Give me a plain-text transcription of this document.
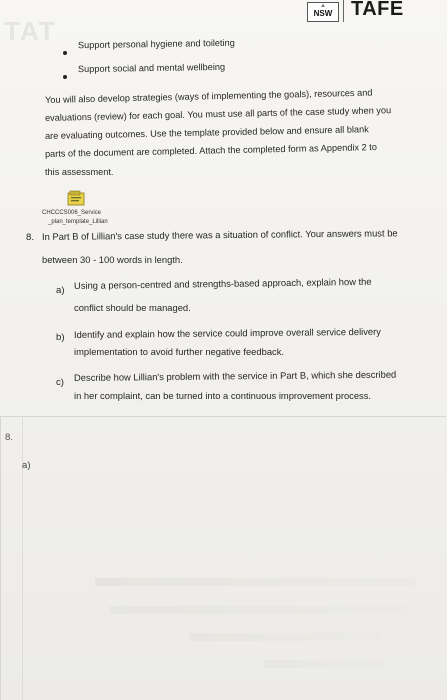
TAT
▲
NSW TAFE
Support personal hygiene and toileting
Support social and mental wellbeing
You will also develop strategies (ways of implementing the goals), resources and
evaluations (review) for each goal. You must use all parts of the case study when you
are evaluating outcomes. Use the template provided below and ensure all blank
parts of the document are completed. Attach the completed form as Appendix 2 to
this assessment.
CHCCCS006_Service
_plan_template_Lillian
8. In Part B of Lillian's case study there was a situation of conflict. Your answers must be
between 30 - 100 words in length.
a) Using a person-centred and strengths-based approach, explain how the
conflict should be managed.
b) Identify and explain how the service could improve overall service delivery
implementation to avoid further negative feedback.
c) Describe how Lillian's problem with the service in Part B, which she described
in her complaint, can be turned into a continuous improvement process.
8.
a)
